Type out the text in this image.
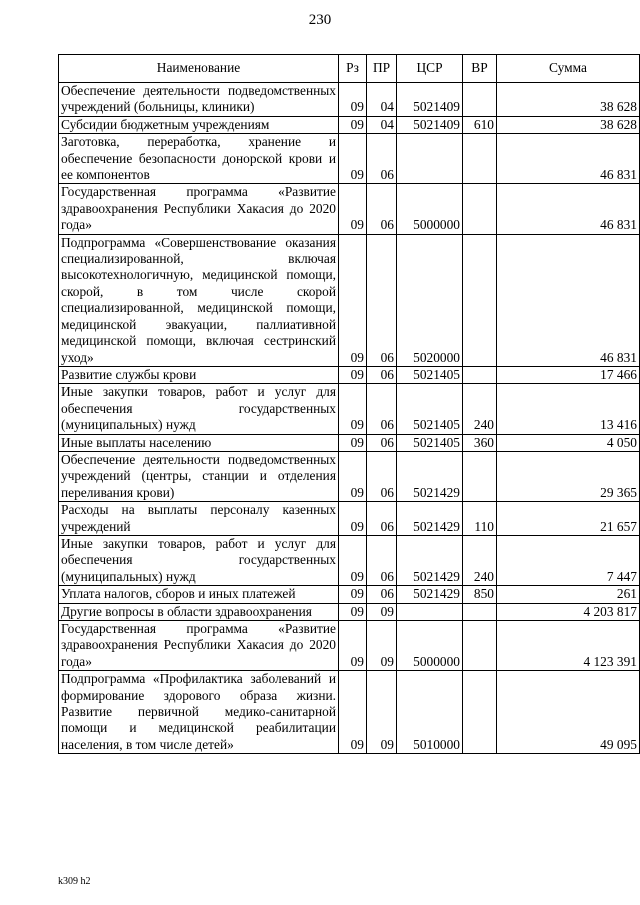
230
Наименование	Рз	ПР	ЦСР	ВР	Сумма
Обеспечение деятельности подведомственных учреждений (больницы, клиники)	09	04	5021409		38 628
Субсидии бюджетным учреждениям	09	04	5021409	610	38 628
Заготовка, переработка, хранение и обеспечение безопасности донорской крови и ее компонентов	09	06			46 831
Государственная программа «Развитие здравоохранения Республики Хакасия до 2020 года»	09	06	5000000		46 831
Подпрограмма «Совершенствование оказания специализированной, включая высокотехнологичную, медицинской помощи, скорой, в том числе скорой специализированной, медицинской помощи, медицинской эвакуации, паллиативной медицинской помощи, включая сестринский уход»	09	06	5020000		46 831
Развитие службы крови	09	06	5021405		17 466
Иные закупки товаров, работ и услуг для обеспечения государственных (муниципальных) нужд	09	06	5021405	240	13 416
Иные выплаты населению	09	06	5021405	360	4 050
Обеспечение деятельности подведомственных учреждений (центры, станции и отделения переливания крови)	09	06	5021429		29 365
Расходы на выплаты персоналу казенных учреждений	09	06	5021429	110	21 657
Иные закупки товаров, работ и услуг для обеспечения государственных (муниципальных) нужд	09	06	5021429	240	7 447
Уплата налогов, сборов и иных платежей	09	06	5021429	850	261
Другие вопросы в области здравоохранения	09	09			4 203 817
Государственная программа «Развитие здравоохранения Республики Хакасия до 2020 года»	09	09	5000000		4 123 391
Подпрограмма «Профилактика заболеваний и формирование здорового образа жизни. Развитие первичной медико-санитарной помощи и медицинской реабилитации населения, в том числе детей»	09	09	5010000		49 095
k309 h2
